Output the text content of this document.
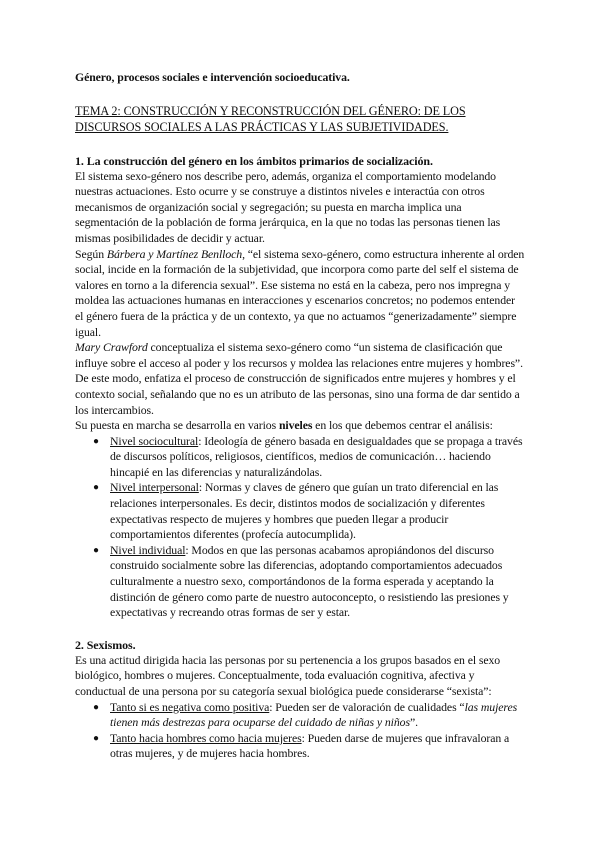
Género, procesos sociales e intervención socioeducativa.

TEMA 2: CONSTRUCCIÓN Y RECONSTRUCCIÓN DEL GÉNERO: DE LOS DISCURSOS SOCIALES A LAS PRÁCTICAS Y LAS SUBJETIVIDADES.

1. La construcción del género en los ámbitos primarios de socialización.

El sistema sexo-género nos describe pero, además, organiza el comportamiento modelando nuestras actuaciones. Esto ocurre y se construye a distintos niveles e interactúa con otros mecanismos de organización social y segregación; su puesta en marcha implica una segmentación de la población de forma jerárquica, en la que no todas las personas tienen las mismas posibilidades de decidir y actuar.

Según Bárbera y Martínez Benlloch, “el sistema sexo-género, como estructura inherente al orden social, incide en la formación de la subjetividad, que incorpora como parte del self el sistema de valores en torno a la diferencia sexual”. Ese sistema no está en la cabeza, pero nos impregna y moldea las actuaciones humanas en interacciones y escenarios concretos; no podemos entender el género fuera de la práctica y de un contexto, ya que no actuamos “generizadamente” siempre igual.

Mary Crawford conceptualiza el sistema sexo-género como “un sistema de clasificación que influye sobre el acceso al poder y los recursos y moldea las relaciones entre mujeres y hombres”. De este modo, enfatiza el proceso de construcción de significados entre mujeres y hombres y el contexto social, señalando que no es un atributo de las personas, sino una forma de dar sentido a los intercambios.

Su puesta en marcha se desarrolla en varios niveles en los que debemos centrar el análisis:

● Nivel sociocultural: Ideología de género basada en desigualdades que se propaga a través de discursos políticos, religiosos, científicos, medios de comunicación… haciendo hincapié en las diferencias y naturalizándolas.
● Nivel interpersonal: Normas y claves de género que guían un trato diferencial en las relaciones interpersonales. Es decir, distintos modos de socialización y diferentes expectativas respecto de mujeres y hombres que pueden llegar a producir comportamientos diferentes (profecía autocumplida).
● Nivel individual: Modos en que las personas acabamos apropiándonos del discurso construido socialmente sobre las diferencias, adoptando comportamientos adecuados culturalmente a nuestro sexo, comportándonos de la forma esperada y aceptando la distinción de género como parte de nuestro autoconcepto, o resistiendo las presiones y expectativas y recreando otras formas de ser y estar.
2. Sexismos.

Es una actitud dirigida hacia las personas por su pertenencia a los grupos basados en el sexo biológico, hombres o mujeres. Conceptualmente, toda evaluación cognitiva, afectiva y conductual de una persona por su categoría sexual biológica puede considerarse “sexista”:

● Tanto si es negativa como positiva: Pueden ser de valoración de cualidades “las mujeres tienen más destrezas para ocuparse del cuidado de niñas y niños”.
● Tanto hacia hombres como hacia mujeres: Pueden darse de mujeres que infravaloran a otras mujeres, y de mujeres hacia hombres.
